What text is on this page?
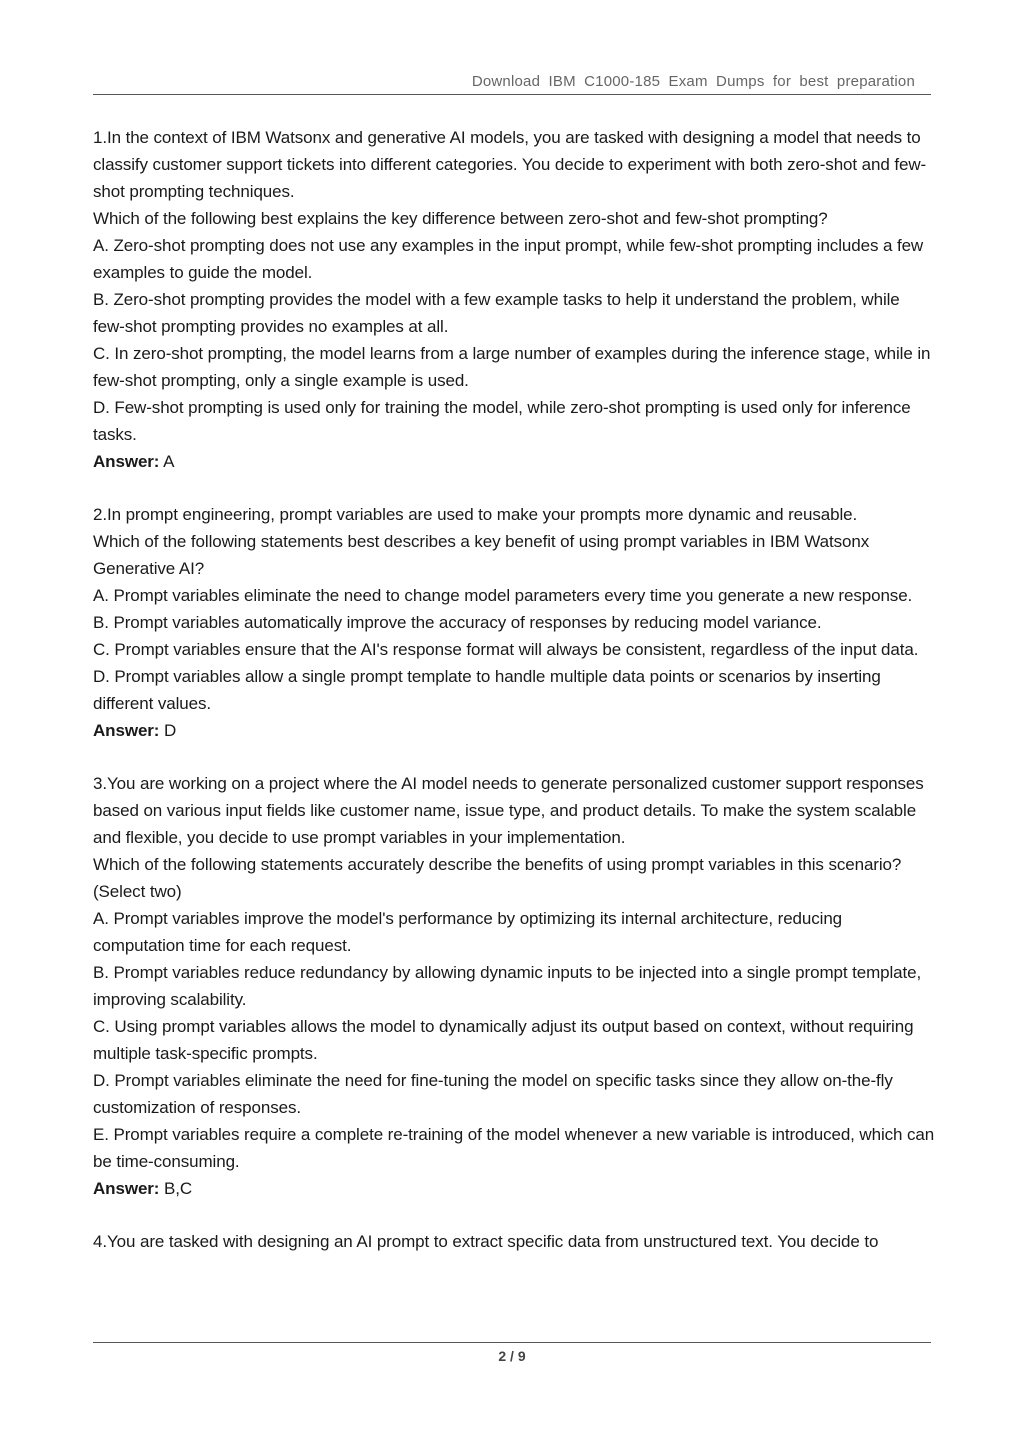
Download IBM C1000-185 Exam Dumps for best preparation

1.In the context of IBM Watsonx and generative AI models, you are tasked with designing a model that needs to classify customer support tickets into different categories. You decide to experiment with both zero-shot and few-shot prompting techniques.

Which of the following best explains the key difference between zero-shot and few-shot prompting?

A. Zero-shot prompting does not use any examples in the input prompt, while few-shot prompting includes a few examples to guide the model.

B. Zero-shot prompting provides the model with a few example tasks to help it understand the problem, while few-shot prompting provides no examples at all.

C. In zero-shot prompting, the model learns from a large number of examples during the inference stage, while in few-shot prompting, only a single example is used.

D. Few-shot prompting is used only for training the model, while zero-shot prompting is used only for inference tasks.

Answer: A

2.In prompt engineering, prompt variables are used to make your prompts more dynamic and reusable.

Which of the following statements best describes a key benefit of using prompt variables in IBM Watsonx Generative AI?

A. Prompt variables eliminate the need to change model parameters every time you generate a new response.

B. Prompt variables automatically improve the accuracy of responses by reducing model variance.

C. Prompt variables ensure that the AI's response format will always be consistent, regardless of the input data.

D. Prompt variables allow a single prompt template to handle multiple data points or scenarios by inserting different values.

Answer: D

3.You are working on a project where the AI model needs to generate personalized customer support responses based on various input fields like customer name, issue type, and product details. To make the system scalable and flexible, you decide to use prompt variables in your implementation.

Which of the following statements accurately describe the benefits of using prompt variables in this scenario? (Select two)

A. Prompt variables improve the model's performance by optimizing its internal architecture, reducing computation time for each request.

B. Prompt variables reduce redundancy by allowing dynamic inputs to be injected into a single prompt template, improving scalability.

C. Using prompt variables allows the model to dynamically adjust its output based on context, without requiring multiple task-specific prompts.

D. Prompt variables eliminate the need for fine-tuning the model on specific tasks since they allow on-the-fly customization of responses.

E. Prompt variables require a complete re-training of the model whenever a new variable is introduced, which can be time-consuming.

Answer: B,C

4.You are tasked with designing an AI prompt to extract specific data from unstructured text. You decide to

2 / 9
